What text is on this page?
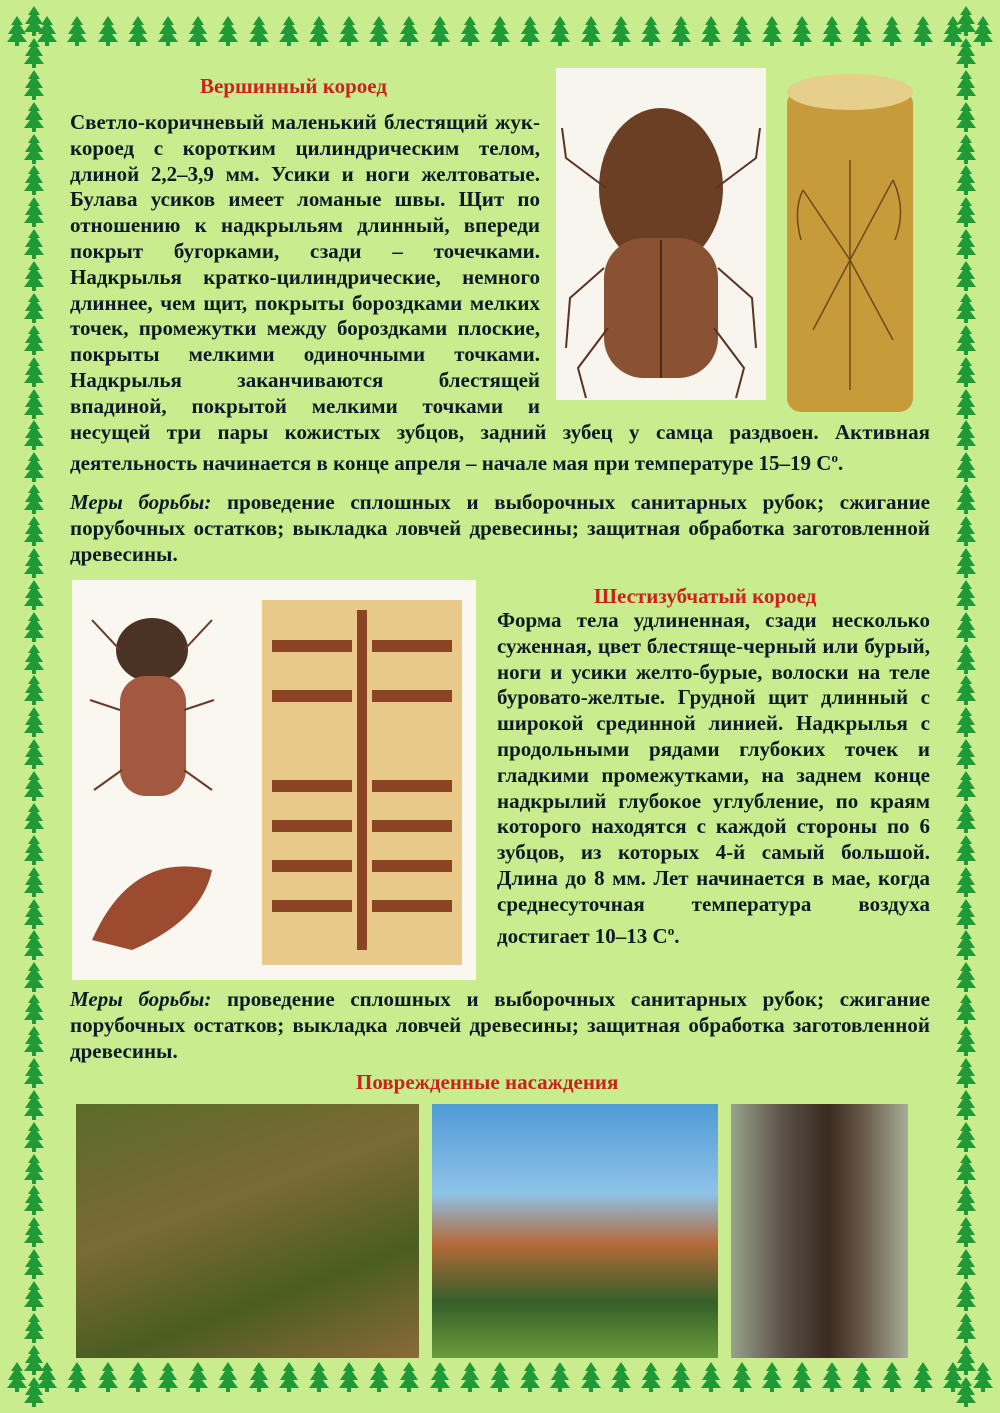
Вершинный короед

Светло-коричневый маленький блестящий жук-короед с коротким цилиндрическим телом, длиной 2,2–3,9 мм. Усики и ноги желтоватые. Булава усиков имеет ломаные швы. Щит по отношению к надкрыльям длинный, впереди покрыт бугорками, сзади – точечками. Надкрылья кратко-цилиндрические, немного длиннее, чем щит, покрыты бороздками мелких точек, промежутки между бороздками плоские, покрыты мелкими одиночными точками. Надкрылья заканчиваются блестящей впадиной, покрытой мелкими точками и несущей три пары кожистых зубцов, задний зубец у самца раздвоен. Активная деятельность начинается в конце апреля – начале мая при температуре 15–19 $С^о$.

Меры борьбы: проведение сплошных и выборочных санитарных рубок; сжигание порубочных остатков; выкладка ловчей древесины; защитная обработка заготовленной древесины.

Шестизубчатый короед

Форма тела удлиненная, сзади несколько суженная, цвет блестяще-черный или бурый, ноги и усики желто-бурые, волоски на теле буровато-желтые. Грудной щит длинный с широкой срединной линией. Надкрылья с продольными рядами глубоких точек и гладкими промежутками, на заднем конце надкрылий глубокое углубление, по краям которого находятся с каждой стороны по 6 зубцов, из которых 4-й самый большой. Длина до 8 мм. Лет начинается в мае, когда среднесуточная температура воздуха достигает 10–13 $С^о$.

Меры борьбы: проведение сплошных и выборочных санитарных рубок; сжигание порубочных остатков; выкладка ловчей древесины; защитная обработка заготовленной древесины.

Поврежденные насаждения
